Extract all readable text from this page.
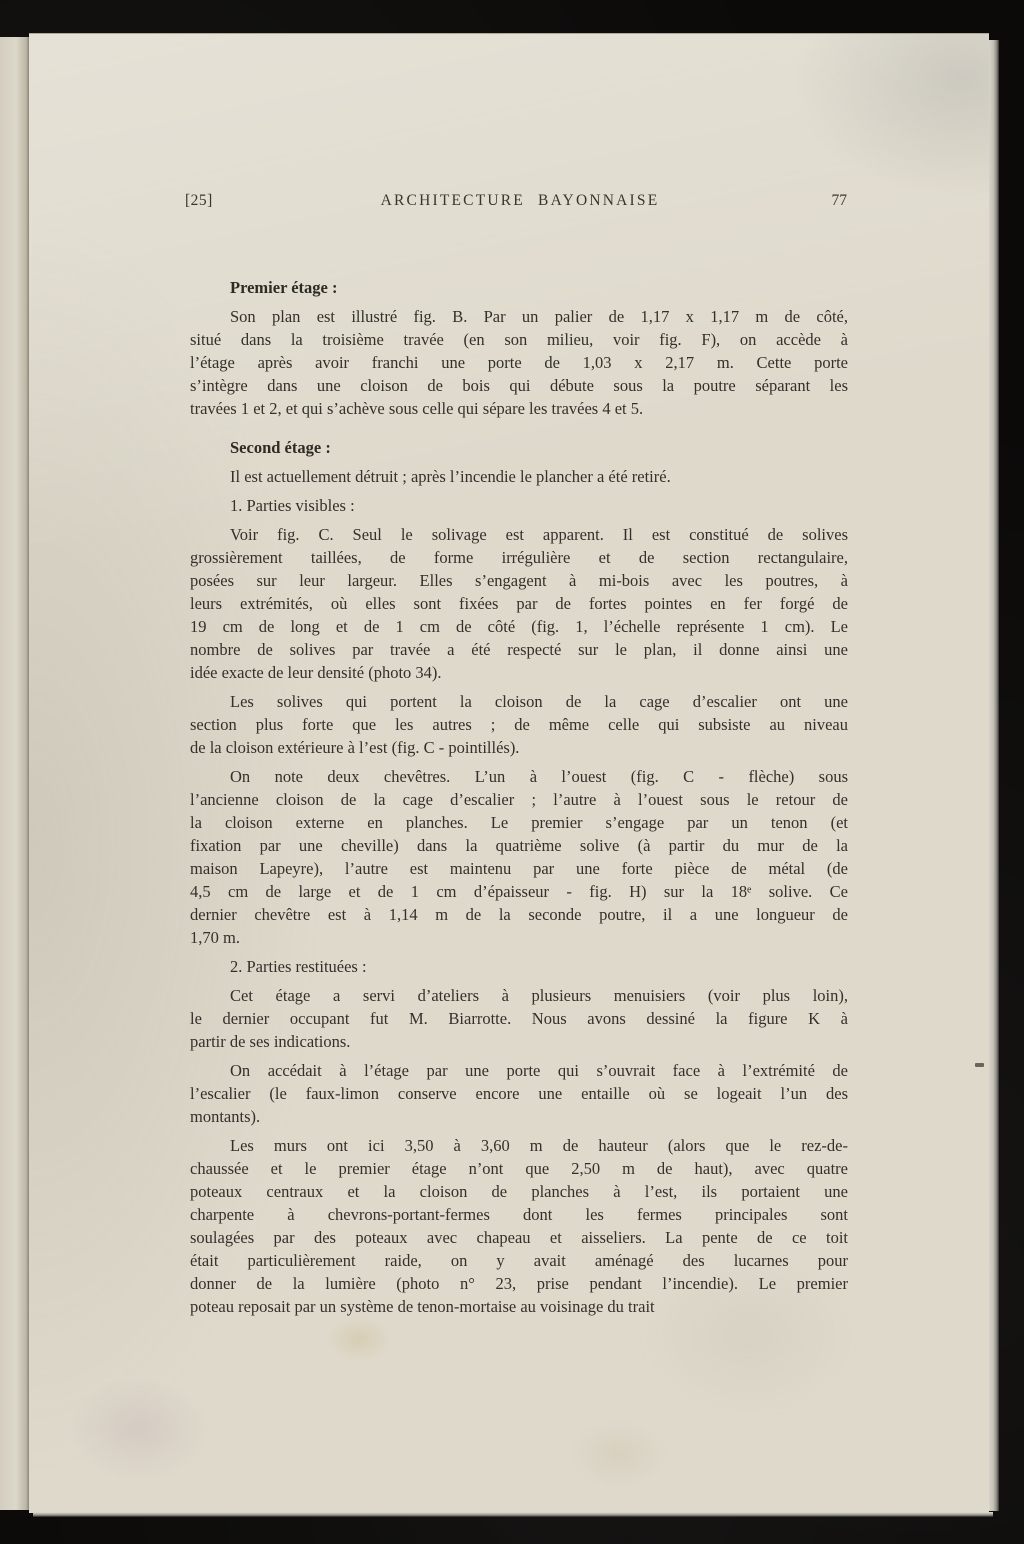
[25]	ARCHITECTURE BAYONNAISE	77
Premier étage :
Son plan est illustré fig. B. Par un palier de 1,17 x 1,17 m de côté,
situé dans la troisième travée (en son milieu, voir fig. F), on accède à
l’étage après avoir franchi une porte de 1,03 x 2,17 m. Cette porte
s’intègre dans une cloison de bois qui débute sous la poutre séparant les
travées 1 et 2, et qui s’achève sous celle qui sépare les travées 4 et 5.
Second étage :
Il est actuellement détruit ; après l’incendie le plancher a été retiré.
1. Parties visibles :
Voir fig. C. Seul le solivage est apparent. Il est constitué de solives
grossièrement taillées, de forme irrégulière et de section rectangulaire,
posées sur leur largeur. Elles s’engagent à mi-bois avec les poutres, à
leurs extrémités, où elles sont fixées par de fortes pointes en fer forgé de
19 cm de long et de 1 cm de côté (fig. 1, l’échelle représente 1 cm). Le
nombre de solives par travée a été respecté sur le plan, il donne ainsi une
idée exacte de leur densité (photo 34).
Les solives qui portent la cloison de la cage d’escalier ont une
section plus forte que les autres ; de même celle qui subsiste au niveau
de la cloison extérieure à l’est (fig. C - pointillés).
On note deux chevêtres. L’un à l’ouest (fig. C - flèche) sous
l’ancienne cloison de la cage d’escalier ; l’autre à l’ouest sous le retour de
la cloison externe en planches. Le premier s’engage par un tenon (et
fixation par une cheville) dans la quatrième solive (à partir du mur de la
maison Lapeyre), l’autre est maintenu par une forte pièce de métal (de
4,5 cm de large et de 1 cm d’épaisseur - fig. H) sur la 18ᵉ solive. Ce
dernier chevêtre est à 1,14 m de la seconde poutre, il a une longueur de
1,70 m.
2. Parties restituées :
Cet étage a servi d’ateliers à plusieurs menuisiers (voir plus loin),
le dernier occupant fut M. Biarrotte. Nous avons dessiné la figure K à
partir de ses indications.
On accédait à l’étage par une porte qui s’ouvrait face à l’extrémité de
l’escalier (le faux-limon conserve encore une entaille où se logeait l’un des
montants).
Les murs ont ici 3,50 à 3,60 m de hauteur (alors que le rez-de-
chaussée et le premier étage n’ont que 2,50 m de haut), avec quatre
poteaux centraux et la cloison de planches à l’est, ils portaient une
charpente à chevrons-portant-fermes dont les fermes principales sont
soulagées par des poteaux avec chapeau et aisseliers. La pente de ce toit
était particulièrement raide, on y avait aménagé des lucarnes pour
donner de la lumière (photo n° 23, prise pendant l’incendie). Le premier
poteau reposait par un système de tenon-mortaise au voisinage du trait
